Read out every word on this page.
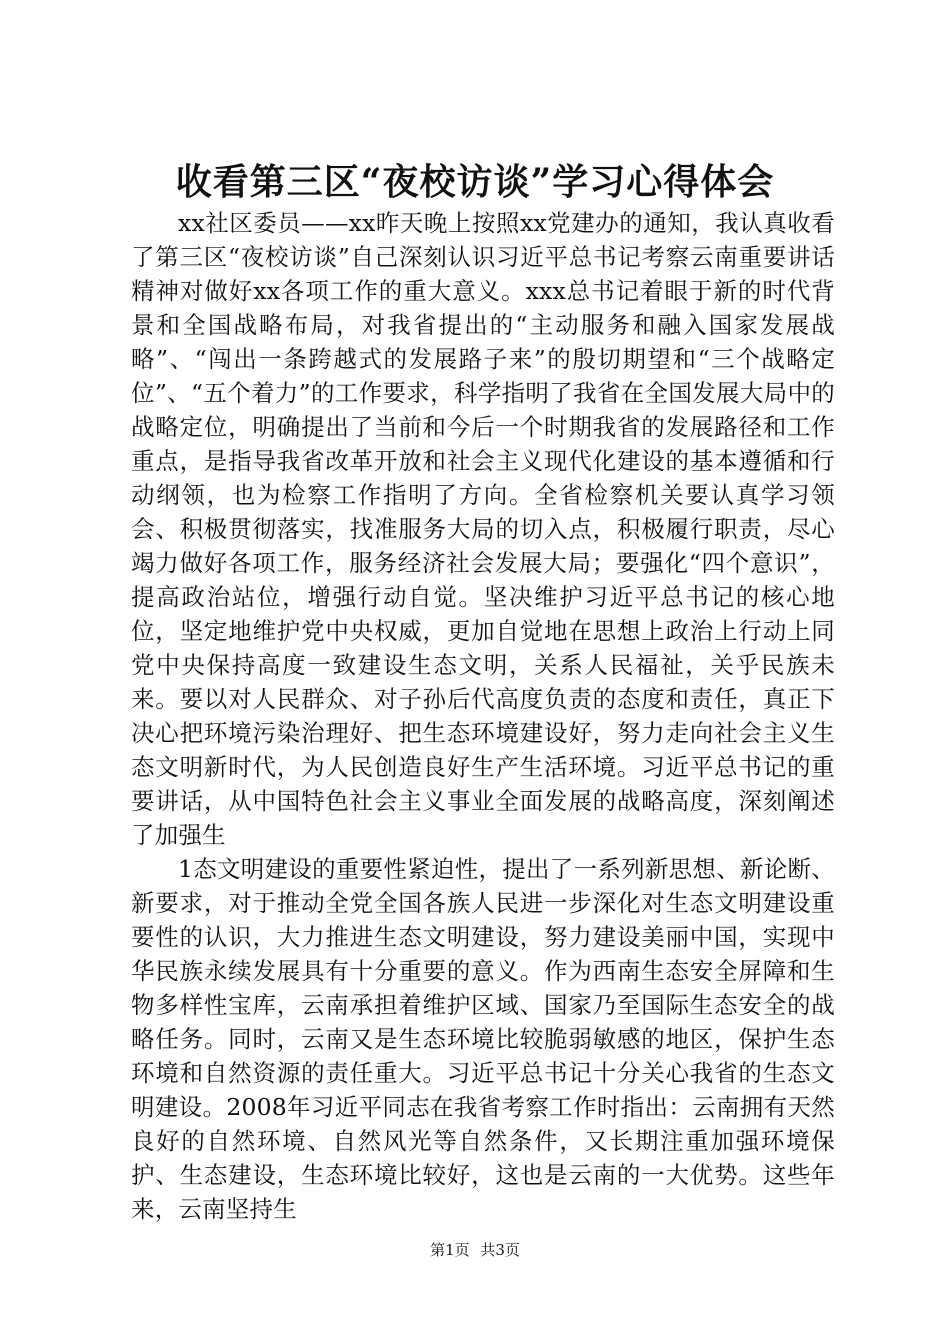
收看第三区“夜校访谈”学习心得体会

xx社区委员——xx昨天晚上按照xx党建办的通知，我认真收看了第三区“夜校访谈”自己深刻认识习近平总书记考察云南重要讲话精神对做好xx各项工作的重大意义。xxx总书记着眼于新的时代背景和全国战略布局，对我省提出的“主动服务和融入国家发展战略”、“闯出一条跨越式的发展路子来”的殷切期望和“三个战略定位”、“五个着力”的工作要求，科学指明了我省在全国发展大局中的战略定位，明确提出了当前和今后一个时期我省的发展路径和工作重点，是指导我省改革开放和社会主义现代化建设的基本遵循和行动纲领，也为检察工作指明了方向。全省检察机关要认真学习领会、积极贯彻落实，找准服务大局的切入点，积极履行职责，尽心竭力做好各项工作，服务经济社会发展大局；要强化“四个意识”，提高政治站位，增强行动自觉。坚决维护习近平总书记的核心地位，坚定地维护党中央权威，更加自觉地在思想上政治上行动上同党中央保持高度一致建设生态文明，关系人民福祉，关乎民族未来。要以对人民群众、对子孙后代高度负责的态度和责任，真正下决心把环境污染治理好、把生态环境建设好，努力走向社会主义生态文明新时代，为人民创造良好生产生活环境。习近平总书记的重要讲话，从中国特色社会主义事业全面发展的战略高度，深刻阐述了加强生

1态文明建设的重要性紧迫性，提出了一系列新思想、新论断、新要求，对于推动全党全国各族人民进一步深化对生态文明建设重要性的认识，大力推进生态文明建设，努力建设美丽中国，实现中华民族永续发展具有十分重要的意义。作为西南生态安全屏障和生物多样性宝库，云南承担着维护区域、国家乃至国际生态安全的战略任务。同时，云南又是生态环境比较脆弱敏感的地区，保护生态环境和自然资源的责任重大。习近平总书记十分关心我省的生态文明建设。2008年习近平同志在我省考察工作时指出：云南拥有天然良好的自然环境、自然风光等自然条件，又长期注重加强环境保护、生态建设，生态环境比较好，这也是云南的一大优势。这些年来，云南坚持生

第1页 共3页
